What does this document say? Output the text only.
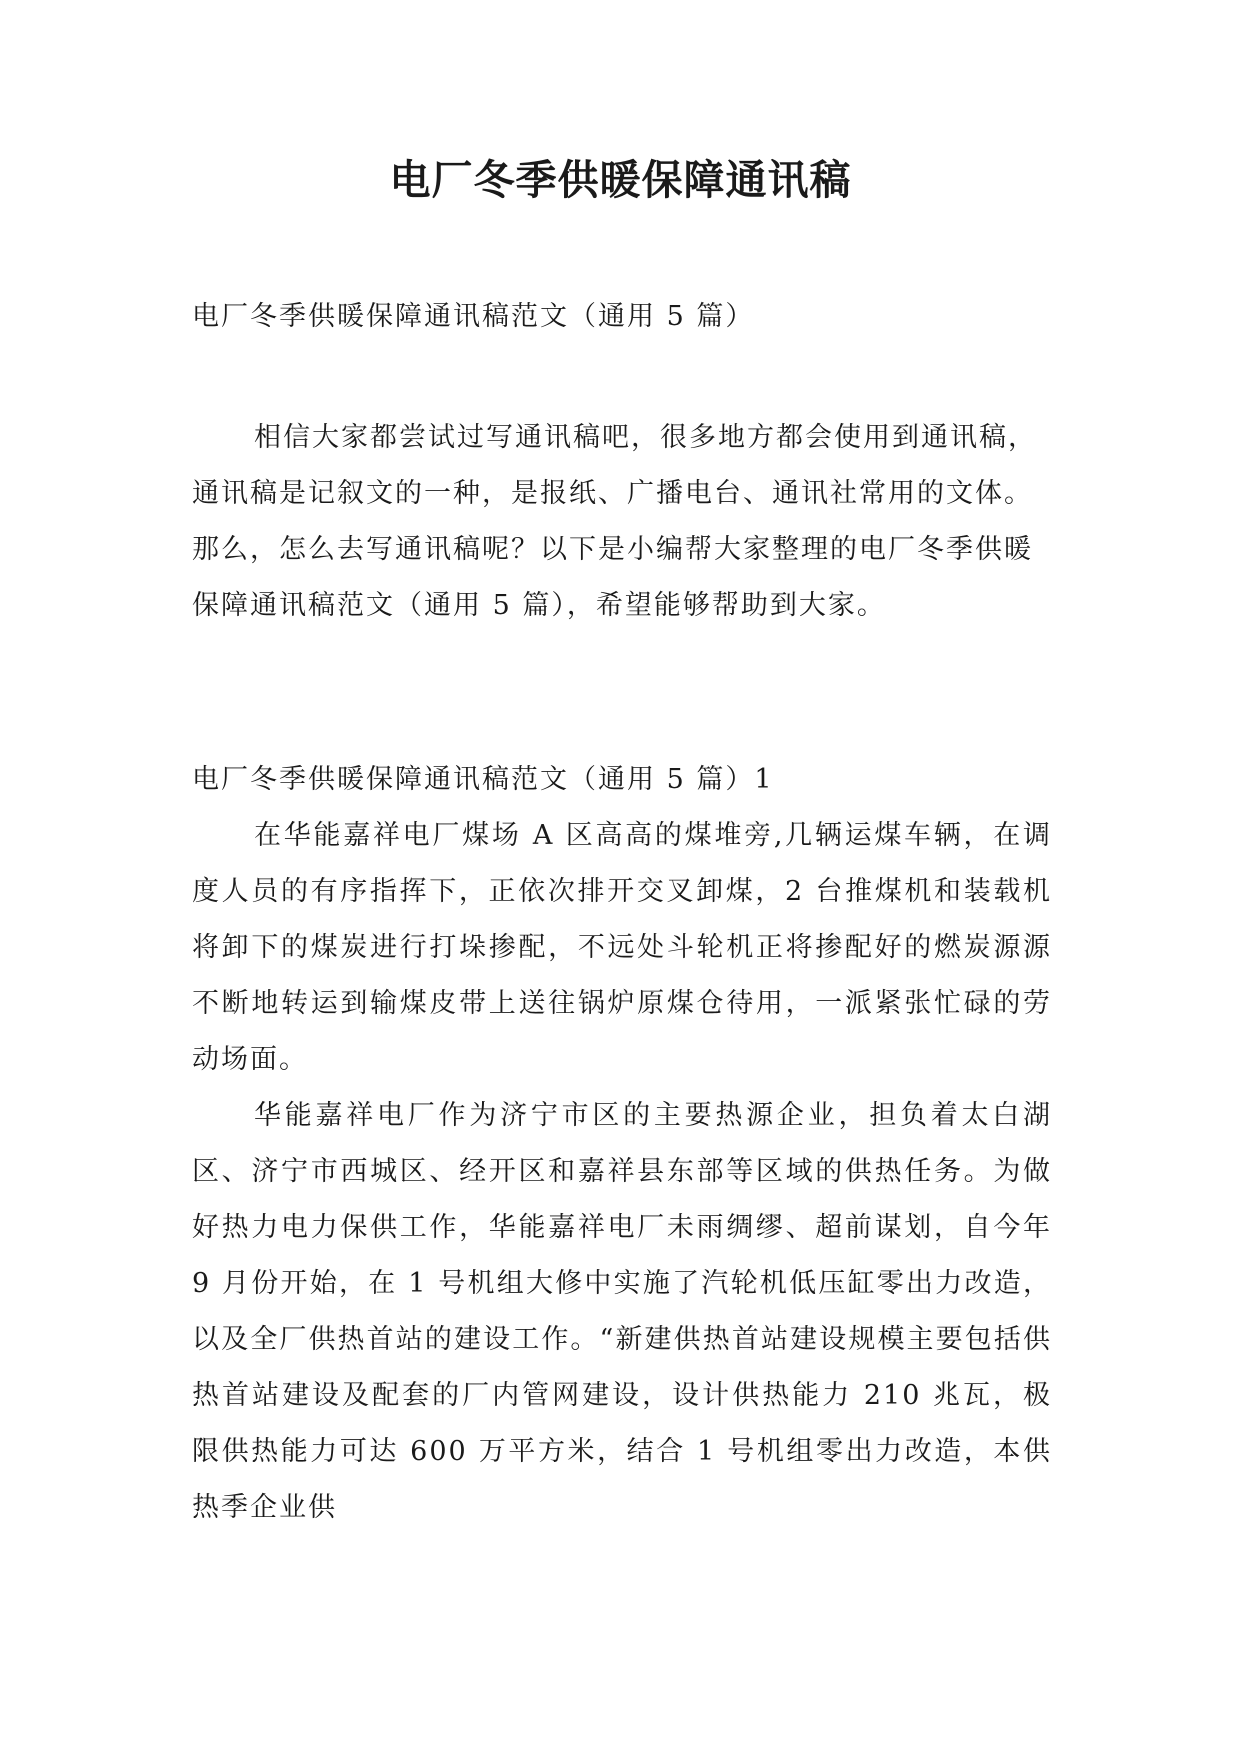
电厂冬季供暖保障通讯稿

电厂冬季供暖保障通讯稿范文（通用 5 篇）

相信大家都尝试过写通讯稿吧，很多地方都会使用到通讯稿，通讯稿是记叙文的一种，是报纸、广播电台、通讯社常用的文体。那么，怎么去写通讯稿呢？以下是小编帮大家整理的电厂冬季供暖保障通讯稿范文（通用 5 篇），希望能够帮助到大家。

电厂冬季供暖保障通讯稿范文（通用 5 篇）1

在华能嘉祥电厂煤场 A 区高高的煤堆旁,几辆运煤车辆，在调度人员的有序指挥下，正依次排开交叉卸煤，2 台推煤机和装载机将卸下的煤炭进行打垛掺配，不远处斗轮机正将掺配好的燃炭源源不断地转运到输煤皮带上送往锅炉原煤仓待用，一派紧张忙碌的劳动场面。

华能嘉祥电厂作为济宁市区的主要热源企业，担负着太白湖区、济宁市西城区、经开区和嘉祥县东部等区域的供热任务。为做好热力电力保供工作，华能嘉祥电厂未雨绸缪、超前谋划，自今年 9 月份开始，在 1 号机组大修中实施了汽轮机低压缸零出力改造，以及全厂供热首站的建设工作。“新建供热首站建设规模主要包括供热首站建设及配套的厂内管网建设，设计供热能力 210 兆瓦，极限供热能力可达 600 万平方米，结合 1 号机组零出力改造，本供热季企业供
